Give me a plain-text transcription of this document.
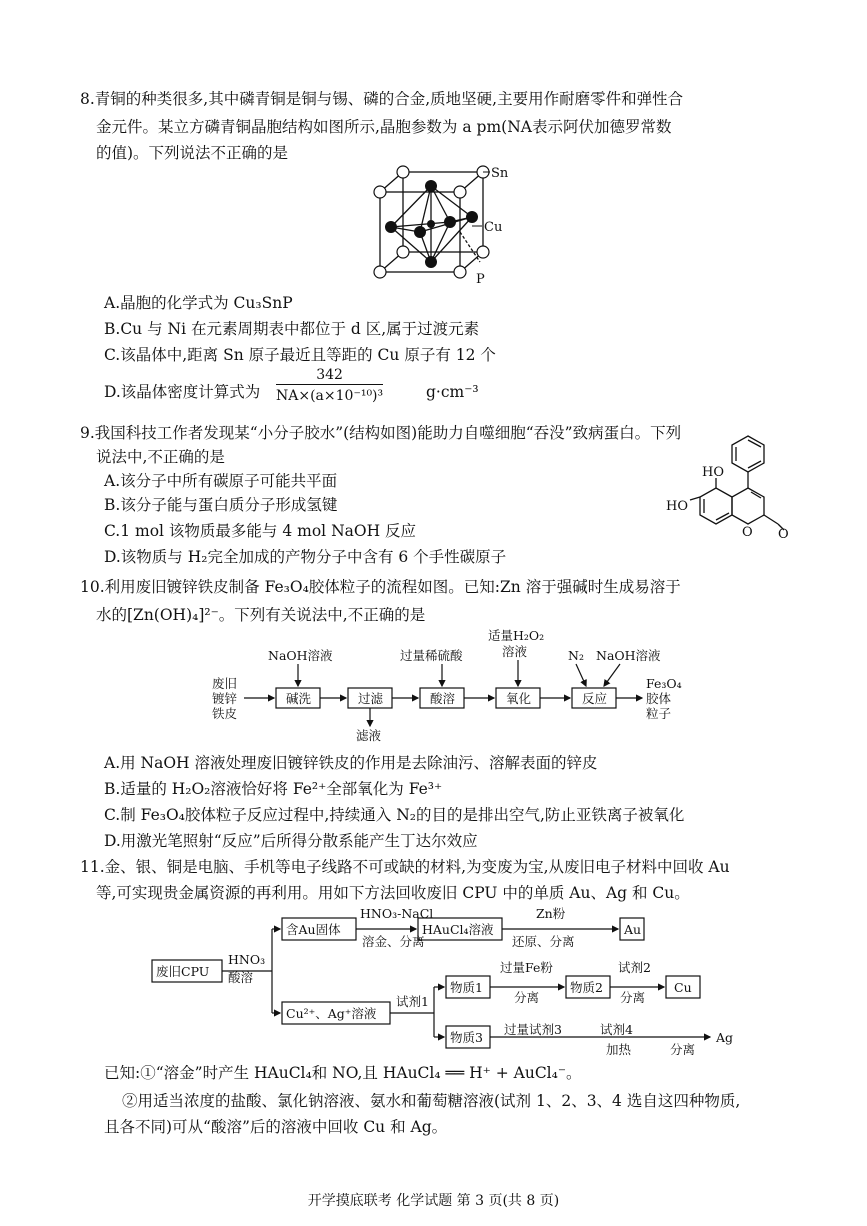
8.青铜的种类很多,其中磷青铜是铜与锡、磷的合金,质地坚硬,主要用作耐磨零件和弹性合
金元件。某立方磷青铜晶胞结构如图所示,晶胞参数为 a pm(NA表示阿伏加德罗常数
的值)。下列说法不正确的是
Sn
Cu
P
A.晶胞的化学式为 Cu₃SnP
B.Cu 与 Ni 在元素周期表中都位于 d 区,属于过渡元素
C.该晶体中,距离 Sn 原子最近且等距的 Cu 原子有 12 个
D.该晶体密度计算式为 $\frac{342}{\text{NA×(a×10⁻¹⁰)³}}$	g·cm⁻³
9.我国科技工作者发现某“小分子胶水”(结构如图)能助力自噬细胞“吞没”致病蛋白。下列
说法中,不正确的是
A.该分子中所有碳原子可能共平面
B.该分子能与蛋白质分子形成氢键
C.1 mol 该物质最多能与 4 mol NaOH 反应
D.该物质与 H₂完全加成的产物分子中含有 6 个手性碳原子
HO
HO
O O
10.利用废旧镀锌铁皮制备 Fe₃O₄胶体粒子的流程如图。已知:Zn 溶于强碱时生成易溶于
水的[Zn(OH)₄]²⁻。下列有关说法中,不正确的是
废旧
镀锌
铁皮
NaOH溶液	过量稀硫酸
适量H₂O₂
溶液	N₂ NaOH溶液
Fe₃O₄
胶体
粒子
滤液
碱洗	过滤	酸溶	氧化	反应
A.用 NaOH 溶液处理废旧镀锌铁皮的作用是去除油污、溶解表面的锌皮
B.适量的 H₂O₂溶液恰好将 Fe²⁺全部氧化为 Fe³⁺
C.制 Fe₃O₄胶体粒子反应过程中,持续通入 N₂的目的是排出空气,防止亚铁离子被氧化
D.用激光笔照射“反应”后所得分散系能产生丁达尔效应
11.金、银、铜是电脑、手机等电子线路不可或缺的材料,为变废为宝,从废旧电子材料中回收 Au
等,可实现贵金属资源的再利用。用如下方法回收废旧 CPU 中的单质 Au、Ag 和 Cu。
废旧CPU
HNO₃
酸溶
含Au固体
HNO₃-NaCl
溶金、分离
HAuCl₄溶液
Zn粉
还原、分离
Au
Cu²⁺、Ag⁺溶液
试剂1
物质1
过量Fe粉
分离
物质2
试剂2
分离
Cu
物质3
过量试剂3	试剂4
加热	分离
Ag
已知:①“溶金”时产生 HAuCl₄和 NO,且 HAuCl₄ ══ H⁺ + AuCl₄⁻。
②用适当浓度的盐酸、氯化钠溶液、氨水和葡萄糖溶液(试剂 1、2、3、4 选自这四种物质,
且各不同)可从“酸溶”后的溶液中回收 Cu 和 Ag。
开学摸底联考 化学试题 第 3 页(共 8 页)
